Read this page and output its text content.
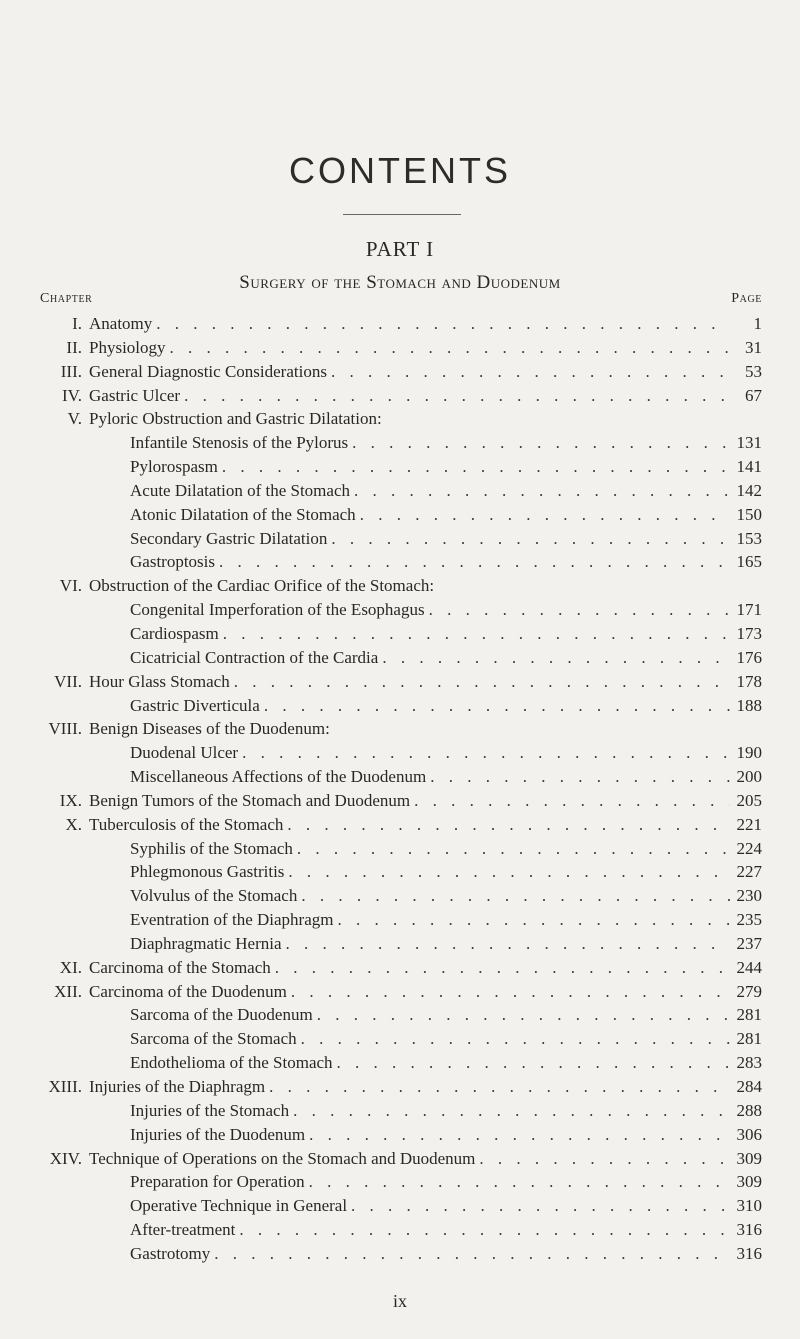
CONTENTS
PART I
Surgery of the Stomach and Duodenum
Chapter	Page
I. Anatomy . . .	1
II. Physiology . . .	31
III. General Diagnostic Considerations . . .	53
IV. Gastric Ulcer . . .	67
V. Pyloric Obstruction and Gastric Dilatation:
Infantile Stenosis of the Pylorus . . .	131
Pylorospasm . . .	141
Acute Dilatation of the Stomach . . .	142
Atonic Dilatation of the Stomach . . .	150
Secondary Gastric Dilatation . . .	153
Gastroptosis . . .	165
VI. Obstruction of the Cardiac Orifice of the Stomach:
Congenital Imperforation of the Esophagus . . .	171
Cardiospasm . . .	173
Cicatricial Contraction of the Cardia . . .	176
VII. Hour Glass Stomach . . .	178
Gastric Diverticula . . .	188
VIII. Benign Diseases of the Duodenum:
Duodenal Ulcer . . .	190
Miscellaneous Affections of the Duodenum . . .	200
IX. Benign Tumors of the Stomach and Duodenum . . .	205
X. Tuberculosis of the Stomach . . .	221
Syphilis of the Stomach . . .	224
Phlegmonous Gastritis . . .	227
Volvulus of the Stomach . . .	230
Eventration of the Diaphragm . . .	235
Diaphragmatic Hernia . . .	237
XI. Carcinoma of the Stomach . . .	244
XII. Carcinoma of the Duodenum . . .	279
Sarcoma of the Duodenum . . .	281
Sarcoma of the Stomach . . .	281
Endothelioma of the Stomach . . .	283
XIII. Injuries of the Diaphragm . . .	284
Injuries of the Stomach . . .	288
Injuries of the Duodenum . . .	306
XIV. Technique of Operations on the Stomach and Duodenum . . .	309
Preparation for Operation . . .	309
Operative Technique in General . . .	310
After-treatment . . .	316
Gastrotomy . . .	316
ix
